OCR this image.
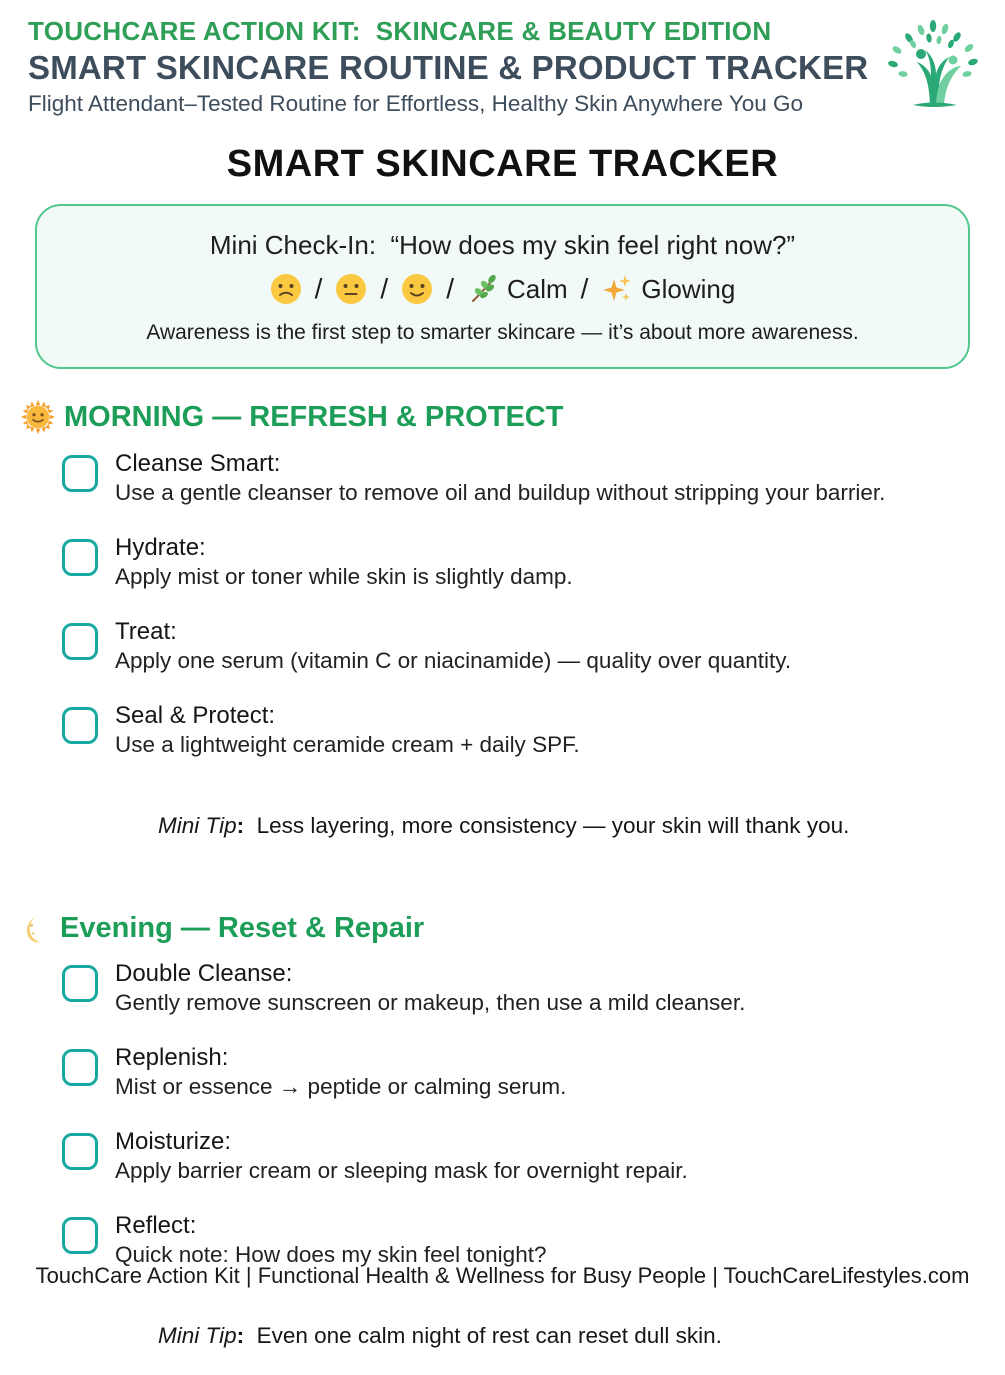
TOUCHCARE ACTION KIT:  SKINCARE & BEAUTY EDITION
SMART SKINCARE ROUTINE & PRODUCT TRACKER
Flight Attendant–Tested Routine for Effortless, Healthy Skin Anywhere You Go
SMART SKINCARE TRACKER
Mini Check-In:  “How does my skin feel right now?”
/ / / Calm / Glowing
Awareness is the first step to smarter skincare — it’s about more awareness.
MORNING — REFRESH & PROTECT
Cleanse Smart:
Use a gentle cleanser to remove oil and buildup without stripping your barrier.
Hydrate:
Apply mist or toner while skin is slightly damp.
Treat:
Apply one serum (vitamin C or niacinamide) — quality over quantity.
Seal & Protect:
Use a lightweight ceramide cream + daily SPF.

Mini Tip:  Less layering, more consistency — your skin will thank you.

Evening — Reset & Repair
Double Cleanse:
Gently remove sunscreen or makeup, then use a mild cleanser.
Replenish:
Mist or essence → peptide or calming serum.
Moisturize:
Apply barrier cream or sleeping mask for overnight repair.
Reflect:
Quick note: How does my skin feel tonight?

Mini Tip:  Even one calm night of rest can reset dull skin.

TouchCare Action Kit | Functional Health & Wellness for Busy People | TouchCareLifestyles.com
